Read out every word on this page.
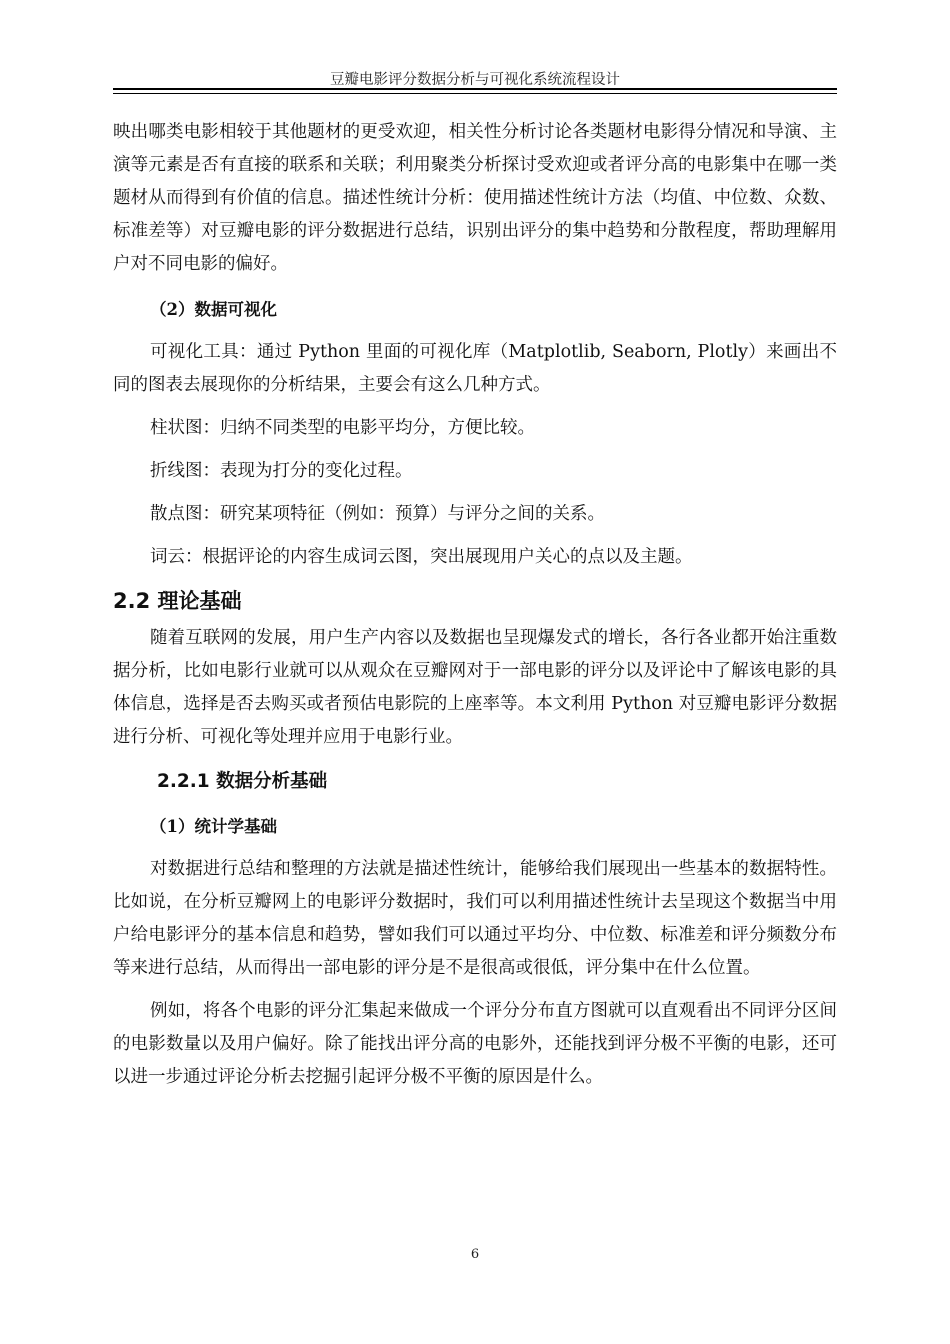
豆瓣电影评分数据分析与可视化系统流程设计

映出哪类电影相较于其他题材的更受欢迎，相关性分析讨论各类题材电影得分情况和导演、主演等元素是否有直接的联系和关联；利用聚类分析探讨受欢迎或者评分高的电影集中在哪一类题材从而得到有价值的信息。描述性统计分析：使用描述性统计方法（均值、中位数、众数、标准差等）对豆瓣电影的评分数据进行总结，识别出评分的集中趋势和分散程度，帮助理解用户对不同电影的偏好。

（2）数据可视化

可视化工具：通过 Python 里面的可视化库（Matplotlib, Seaborn, Plotly）来画出不同的图表去展现你的分析结果，主要会有这么几种方式。

柱状图：归纳不同类型的电影平均分，方便比较。

折线图：表现为打分的变化过程。

散点图：研究某项特征（例如：预算）与评分之间的关系。

词云：根据评论的内容生成词云图，突出展现用户关心的点以及主题。

2.2 理论基础

随着互联网的发展，用户生产内容以及数据也呈现爆发式的增长，各行各业都开始注重数据分析，比如电影行业就可以从观众在豆瓣网对于一部电影的评分以及评论中了解该电影的具体信息，选择是否去购买或者预估电影院的上座率等。本文利用 Python 对豆瓣电影评分数据进行分析、可视化等处理并应用于电影行业。

2.2.1 数据分析基础
（1）统计学基础

对数据进行总结和整理的方法就是描述性统计，能够给我们展现出一些基本的数据特性。比如说，在分析豆瓣网上的电影评分数据时，我们可以利用描述性统计去呈现这个数据当中用户给电影评分的基本信息和趋势，譬如我们可以通过平均分、中位数、标准差和评分频数分布等来进行总结，从而得出一部电影的评分是不是很高或很低，评分集中在什么位置。

例如，将各个电影的评分汇集起来做成一个评分分布直方图就可以直观看出不同评分区间的电影数量以及用户偏好。除了能找出评分高的电影外，还能找到评分极不平衡的电影，还可以进一步通过评论分析去挖掘引起评分极不平衡的原因是什么。

6
